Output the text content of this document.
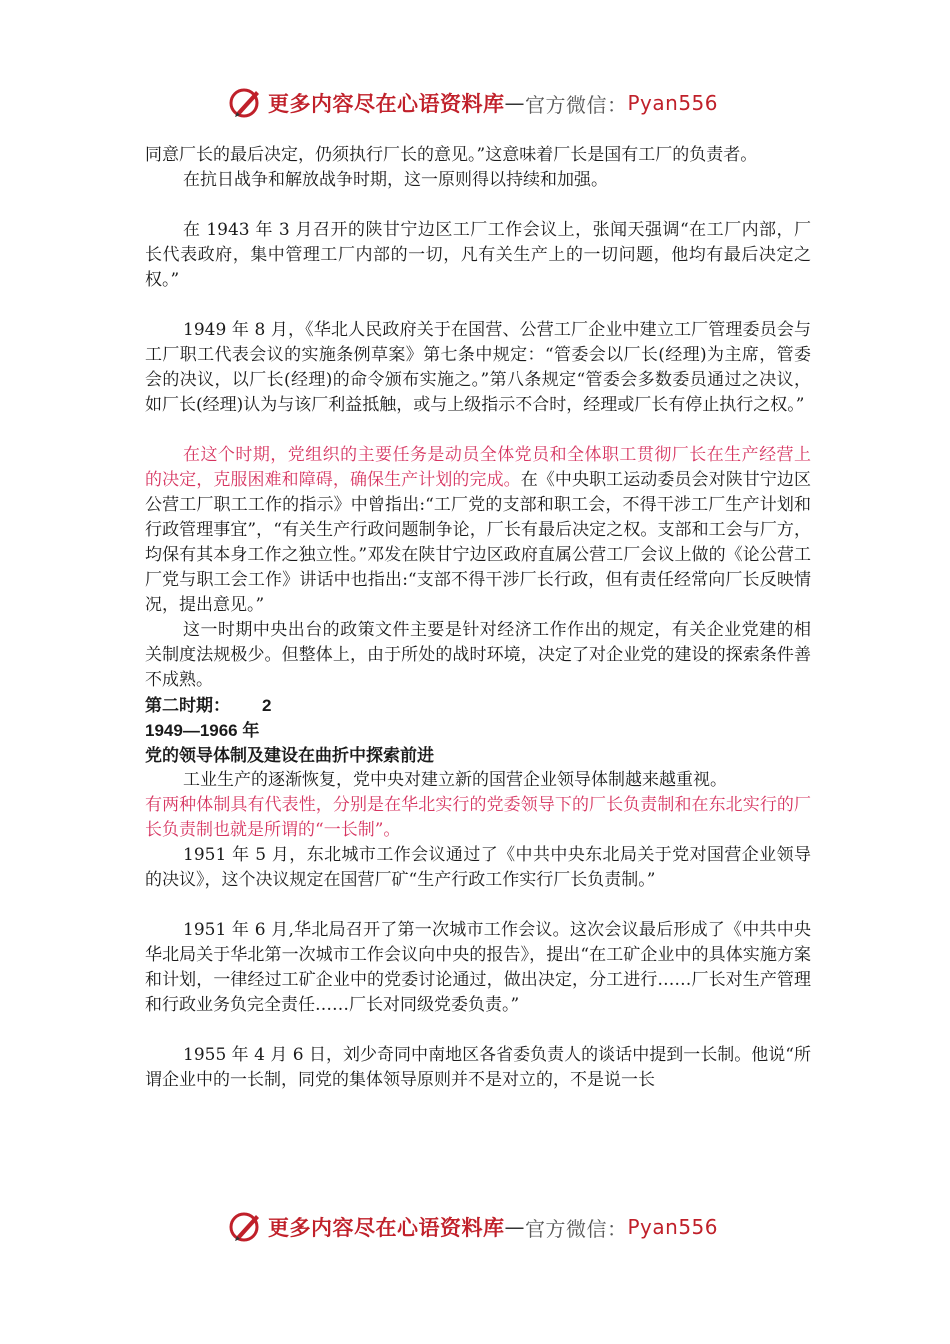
更多内容尽在心语资料库 — 官方微信： Pyan556

同意厂长的最后决定，仍须执行厂长的意见。”这意味着厂长是国有工厂的负责者。

在抗日战争和解放战争时期，这一原则得以持续和加强。

在 1943 年 3 月召开的陕甘宁边区工厂工作会议上，张闻天强调“在工厂内部，厂长代表政府，集中管理工厂内部的一切，凡有关生产上的一切问题，他均有最后决定之权。”

1949 年 8 月，《华北人民政府关于在国营、公营工厂企业中建立工厂管理委员会与工厂职工代表会议的实施条例草案》第七条中规定：“管委会以厂长(经理)为主席，管委会的决议，以厂长(经理)的命令颁布实施之。”第八条规定“管委会多数委员通过之决议，如厂长(经理)认为与该厂利益抵触，或与上级指示不合时，经理或厂长有停止执行之权。”

在这个时期，党组织的主要任务是动员全体党员和全体职工贯彻厂长在生产经营上的决定，克服困难和障碍，确保生产计划的完成。在《中央职工运动委员会对陕甘宁边区公营工厂职工工作的指示》中曾指出:“工厂党的支部和职工会，不得干涉工厂生产计划和行政管理事宜”，“有关生产行政问题制争论，厂长有最后决定之权。支部和工会与厂方，均保有其本身工作之独立性。”邓发在陕甘宁边区政府直属公营工厂会议上做的《论公营工厂党与职工会工作》讲话中也指出:“支部不得干涉厂长行政，但有责任经常向厂长反映情况，提出意见。”

这一时期中央出台的政策文件主要是针对经济工作作出的规定，有关企业党建的相关制度法规极少。但整体上，由于所处的战时环境，决定了对企业党的建设的探索条件善不成熟。

第二时期： 2

1949—1966 年

党的领导体制及建设在曲折中探索前进

工业生产的逐渐恢复，党中央对建立新的国营企业领导体制越来越重视。

有两种体制具有代表性，分别是在华北实行的党委领导下的厂长负责制和在东北实行的厂长负责制也就是所谓的“一长制”。

1951 年 5 月，东北城市工作会议通过了《中共中央东北局关于党对国营企业领导的决议》，这个决议规定在国营厂矿“生产行政工作实行厂长负责制。”

1951 年 6 月,华北局召开了第一次城市工作会议。这次会议最后形成了《中共中央华北局关于华北第一次城市工作会议向中央的报告》，提出“在工矿企业中的具体实施方案和计划，一律经过工矿企业中的党委讨论通过，做出决定，分工进行……厂长对生产管理和行政业务负完全责任……厂长对同级党委负责。”

1955 年 4 月 6 日，刘少奇同中南地区各省委负责人的谈话中提到一长制。他说“所谓企业中的一长制，同党的集体领导原则并不是对立的，不是说一长

更多内容尽在心语资料库 — 官方微信： Pyan556
